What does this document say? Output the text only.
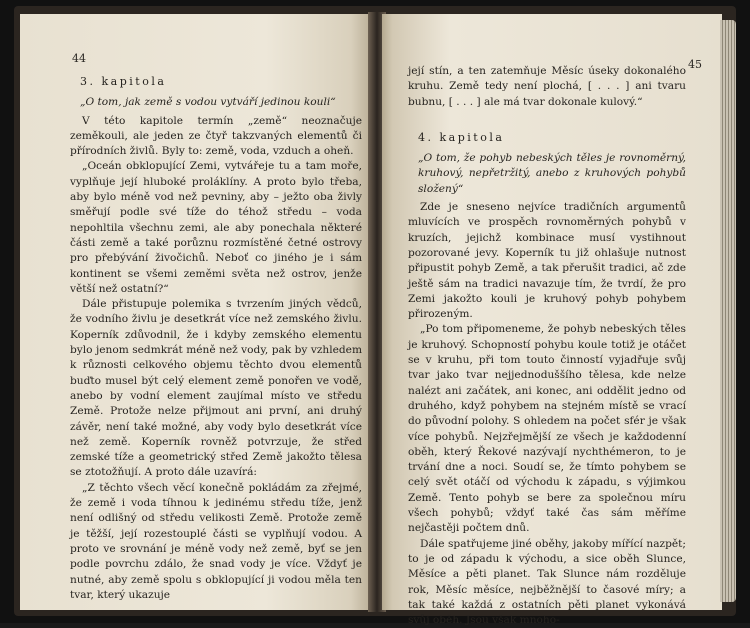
44
3. kapitola
„O tom, jak země s vodou vytváří jedinou kouli“

V této kapitole termín „země“ neoznačuje zeměkouli, ale jeden ze čtyř takzvaných elementů či přírodních živlů. Byly to: země, voda, vzduch a oheň.

„Oceán obklopující Zemi, vytvářeje tu a tam moře, vyplňuje její hluboké proláklíny. A proto bylo třeba, aby bylo méně vod než pevniny, aby – ježto oba živly směřují podle své tíže do téhož středu – voda nepohltila všechnu zemi, ale aby ponechala některé části země a také porůznu rozmístěné četné ostrovy pro přebývání živočichů. Neboť co jiného je i sám kontinent se všemi zeměmi světa než ostrov, jenže větší než ostatní?“

Dále přistupuje polemika s tvrzením jiných vědců, že vodního živlu je desetkrát více než zemského živlu. Koperník zdůvodnil, že i kdyby zemského elementu bylo jenom sedmkrát méně než vody, pak by vzhledem k různosti celkového objemu těchto dvou elementů buďto musel být celý element země ponořen ve vodě, anebo by vodní element zaujímal místo ve středu Země. Protože nelze přijmout ani první, ani druhý závěr, není také možné, aby vody bylo desetkrát více než země. Koperník rovněž potvrzuje, že střed zemské tíže a geometrický střed Země jakožto tělesa se ztotožňují. A proto dále uzavírá:

„Z těchto všech věcí konečně pokládám za zřejmé, že země i voda tíhnou k jedinému středu tíže, jenž není odlišný od středu velikosti Země. Protože země je těžší, její rozestouplé části se vyplňují vodou. A proto ve srovnání je méně vody než země, byť se jen podle povrchu zdálo, že snad vody je více. Vždyť je nutné, aby země spolu s obklopující ji vodou měla ten tvar, který ukazuje

45

její stín, a ten zatemňuje Měsíc úseky dokonalého kruhu. Země tedy není plochá, [ . . . ] ani tvaru bubnu, [ . . . ] ale má tvar dokonale kulový.“

4. kapitola
„O tom, že pohyb nebeských těles je rovnoměrný, kruhový, nepřetržitý, anebo z kruhových pohybů složený“

Zde je sneseno nejvíce tradičních argumentů mluvících ve prospěch rovnoměrných pohybů v kruzích, jejichž kombinace musí vystihnout pozorované jevy. Koperník tu již ohlašuje nutnost připustit pohyb Země, a tak přerušit tradici, ač zde ještě sám na tradici navazuje tím, že tvrdí, že pro Zemi jakožto kouli je kruhový pohyb pohybem přirozeným.

„Po tom připomeneme, že pohyb nebeských těles je kruhový. Schopností pohybu koule totiž je otáčet se v kruhu, při tom touto činností vyjadřuje svůj tvar jako tvar nejjednoduššího tělesa, kde nelze nalézt ani začátek, ani konec, ani oddělit jedno od druhého, když pohybem na stejném místě se vrací do původní polohy. S ohledem na počet sfér je však více pohybů. Nejzřejmější ze všech je každodenní oběh, který Řekové nazývají nychthémeron, to je trvání dne a noci. Soudí se, že tímto pohybem se celý svět otáčí od východu k západu, s výjimkou Země. Tento pohyb se bere za společnou míru všech pohybů; vždyť také čas sám měříme nejčastěji počtem dnů.

Dále spatřujeme jiné oběhy, jakoby mířící nazpět; to je od západu k východu, a sice oběh Slunce, Měsíce a pěti planet. Tak Slunce nám rozděluje rok, Měsíc měsíce, nejběžnější to časové míry; a tak také každá z ostatních pěti planet vykonává svůj oběh. Jsou však mnoho-
